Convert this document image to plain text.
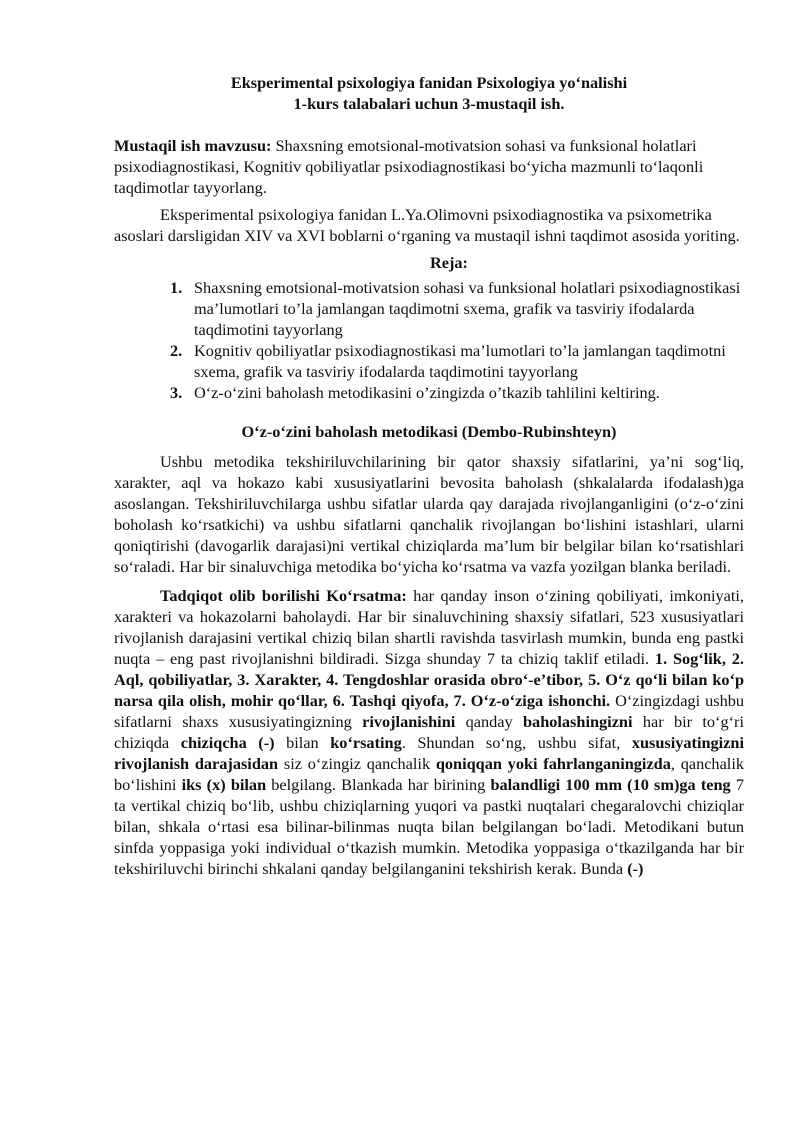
Eksperimental psixologiya fanidan Psixologiya yo‘nalishi
1-kurs talabalari uchun 3-mustaqil ish.

Mustaqil ish mavzusu: Shaxsning emotsional-motivatsion sohasi va funksional holatlari psixodiagnostikasi, Kognitiv qobiliyatlar psixodiagnostikasi bo‘yicha mazmunli to‘laqonli taqdimotlar tayyorlang.

Eksperimental psixologiya fanidan L.Ya.Olimovni psixodiagnostika va psixometrika asoslari darsligidan XIV va XVI boblarni o‘rganing va mustaqil ishni taqdimot asosida yoriting.

Reja:
1. Shaxsning emotsional-motivatsion sohasi va funksional holatlari psixodiagnostikasi ma’lumotlari to’la jamlangan taqdimotni sxema, grafik va tasviriy ifodalarda taqdimotini tayyorlang
2. Kognitiv qobiliyatlar psixodiagnostikasi ma’lumotlari to’la jamlangan taqdimotni sxema, grafik va tasviriy ifodalarda taqdimotini tayyorlang
3. O‘z-o‘zini baholash metodikasini o’zingizda o’tkazib tahlilini keltiring.
O‘z-o‘zini baholash metodikasi (Dembo-Rubinshteyn)

Ushbu metodika tekshiriluvchilarining bir qator shaxsiy sifatlarini, ya’ni sog‘liq, xarakter, aql va hokazo kabi xususiyatlarini bevosita baholash (shkalalarda ifodalash)ga asoslangan. Tekshiriluvchilarga ushbu sifatlar ularda qay darajada rivojlanganligini (o‘z-o‘zini boholash ko‘rsatkichi) va ushbu sifatlarni qanchalik rivojlangan bo‘lishini istashlari, ularni qoniqtirishi (davogarlik darajasi)ni vertikal chiziqlarda ma’lum bir belgilar bilan ko‘rsatishlari so‘raladi. Har bir sinaluvchiga metodika bo‘yicha ko‘rsatma va vazfa yozilgan blanka beriladi.

Tadqiqot olib borilishi Ko‘rsatma: har qanday inson o‘zining qobiliyati, imkoniyati, xarakteri va hokazolarni baholaydi. Har bir sinaluvchining shaxsiy sifatlari, 523 xususiyatlari rivojlanish darajasini vertikal chiziq bilan shartli ravishda tasvirlash mumkin, bunda eng pastki nuqta – eng past rivojlanishni bildiradi. Sizga shunday 7 ta chiziq taklif etiladi. 1. Sog‘lik, 2. Aql, qobiliyatlar, 3. Xarakter, 4. Tengdoshlar orasida obro‘-e’tibor, 5. O‘z qo‘li bilan ko‘p narsa qila olish, mohir qo‘llar, 6. Tashqi qiyofa, 7. O‘z-o‘ziga ishonchi. O‘zingizdagi ushbu sifatlarni shaxs xususiyatingizning rivojlanishini qanday baholashingizni har bir to‘g‘ri chiziqda chiziqcha (-) bilan ko‘rsating. Shundan so‘ng, ushbu sifat, xususiyatingizni rivojlanish darajasidan siz o‘zingiz qanchalik qoniqqan yoki fahrlanganingizda, qanchalik bo‘lishini iks (x) bilan belgilang. Blankada har birining balandligi 100 mm (10 sm)ga teng 7 ta vertikal chiziq bo‘lib, ushbu chiziqlarning yuqori va pastki nuqtalari chegaralovchi chiziqlar bilan, shkala o‘rtasi esa bilinar-bilinmas nuqta bilan belgilangan bo‘ladi. Metodikani butun sinfda yoppasiga yoki individual o‘tkazish mumkin. Metodika yoppasiga o‘tkazilganda har bir tekshiriluvchi birinchi shkalani qanday belgilanganini tekshirish kerak. Bunda (-)
